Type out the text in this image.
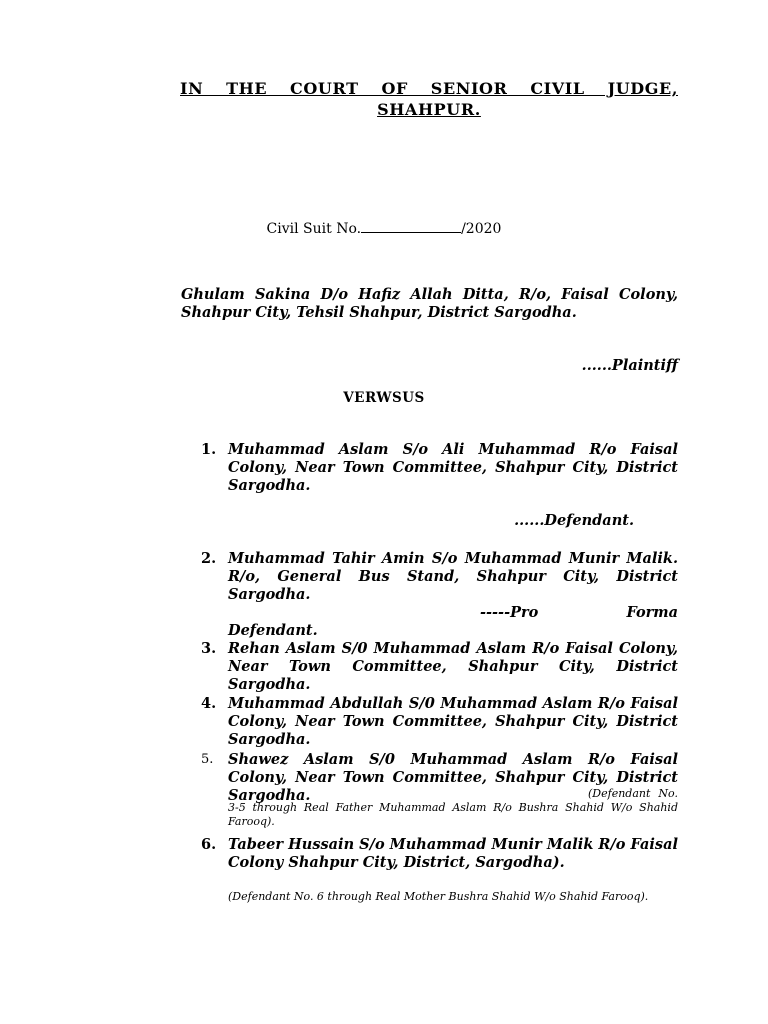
IN THE COURT OF SENIOR CIVIL JUDGE,
SHAHPUR.
Civil Suit No.	/2020
Ghulam Sakina D/o Hafiz Allah Ditta, R/o, Faisal Colony, Shahpur City, Tehsil Shahpur, District Sargodha.
......Plaintiff
VERWSUS
1. Muhammad Aslam S/o Ali Muhammad R/o Faisal Colony, Near Town Committee, Shahpur City, District Sargodha.
......Defendant.
2. Muhammad Tahir Amin S/o Muhammad Munir Malik. R/o, General Bus Stand, Shahpur City, District Sargodha.
-----Pro	Forma
Defendant.
3. Rehan Aslam S/0 Muhammad Aslam R/o Faisal Colony, Near Town Committee, Shahpur City, District Sargodha.
4. Muhammad Abdullah S/0 Muhammad Aslam R/o Faisal Colony, Near Town Committee, Shahpur City, District Sargodha.
5. Shawez Aslam S/0 Muhammad Aslam R/o Faisal Colony, Near Town Committee, Shahpur City, District Sargodha.	(Defendant No. 3-5 through Real Father Muhammad Aslam R/o Bushra Shahid W/o Shahid Farooq).
6. Tabeer Hussain S/o Muhammad Munir Malik R/o Faisal Colony Shahpur City, District, Sargodha).
(Defendant No. 6 through Real Mother Bushra Shahid W/o Shahid Farooq).
